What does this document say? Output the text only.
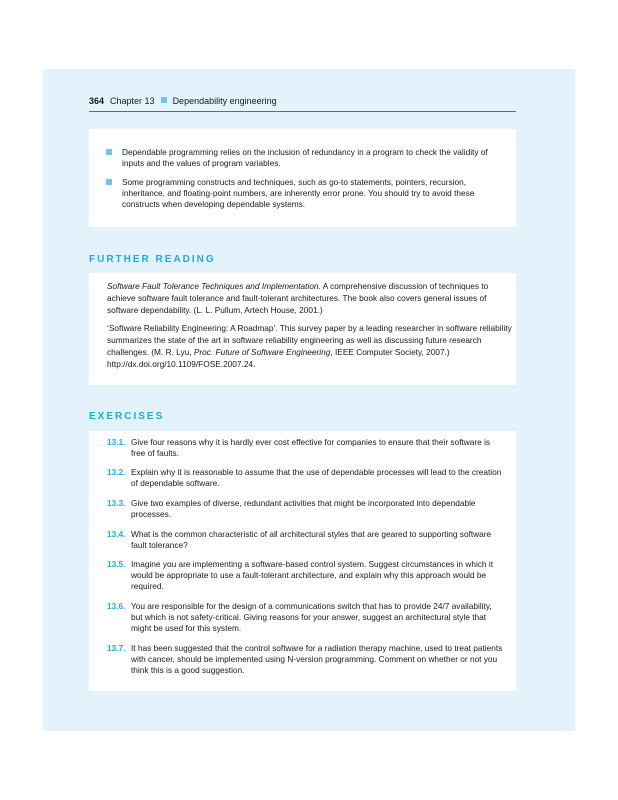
364 Chapter 13 Dependability engineering
Dependable programming relies on the inclusion of redundancy in a program to check the validity of inputs and the values of program variables.
Some programming constructs and techniques, such as go-to statements, pointers, recursion, inheritance, and floating-point numbers, are inherently error prone. You should try to avoid these constructs when developing dependable systems.
FURTHER READING
Software Fault Tolerance Techniques and Implementation. A comprehensive discussion of techniques to achieve software fault tolerance and fault-tolerant architectures. The book also covers general issues of software dependability. (L. L. Pullum, Artech House, 2001.)
‘Software Reliability Engineering: A Roadmap’. This survey paper by a leading researcher in software reliability summarizes the state of the art in software reliability engineering as well as discussing future research challenges. (M. R. Lyu, Proc. Future of Software Engineering, IEEE Computer Society, 2007.) http://dx.doi.org/10.1109/FOSE.2007.24.
EXERCISES
13.1. Give four reasons why it is hardly ever cost effective for companies to ensure that their software is free of faults.
13.2. Explain why it is reasonable to assume that the use of dependable processes will lead to the creation of dependable software.
13.3. Give two examples of diverse, redundant activities that might be incorporated into dependable processes.
13.4. What is the common characteristic of all architectural styles that are geared to supporting software fault tolerance?
13.5. Imagine you are implementing a software-based control system. Suggest circumstances in which it would be appropriate to use a fault-tolerant architecture, and explain why this approach would be required.
13.6. You are responsible for the design of a communications switch that has to provide 24/7 availability, but which is not safety-critical. Giving reasons for your answer, suggest an architectural style that might be used for this system.
13.7. It has been suggested that the control software for a radiation therapy machine, used to treat patients with cancer, should be implemented using N-version programming. Comment on whether or not you think this is a good suggestion.
